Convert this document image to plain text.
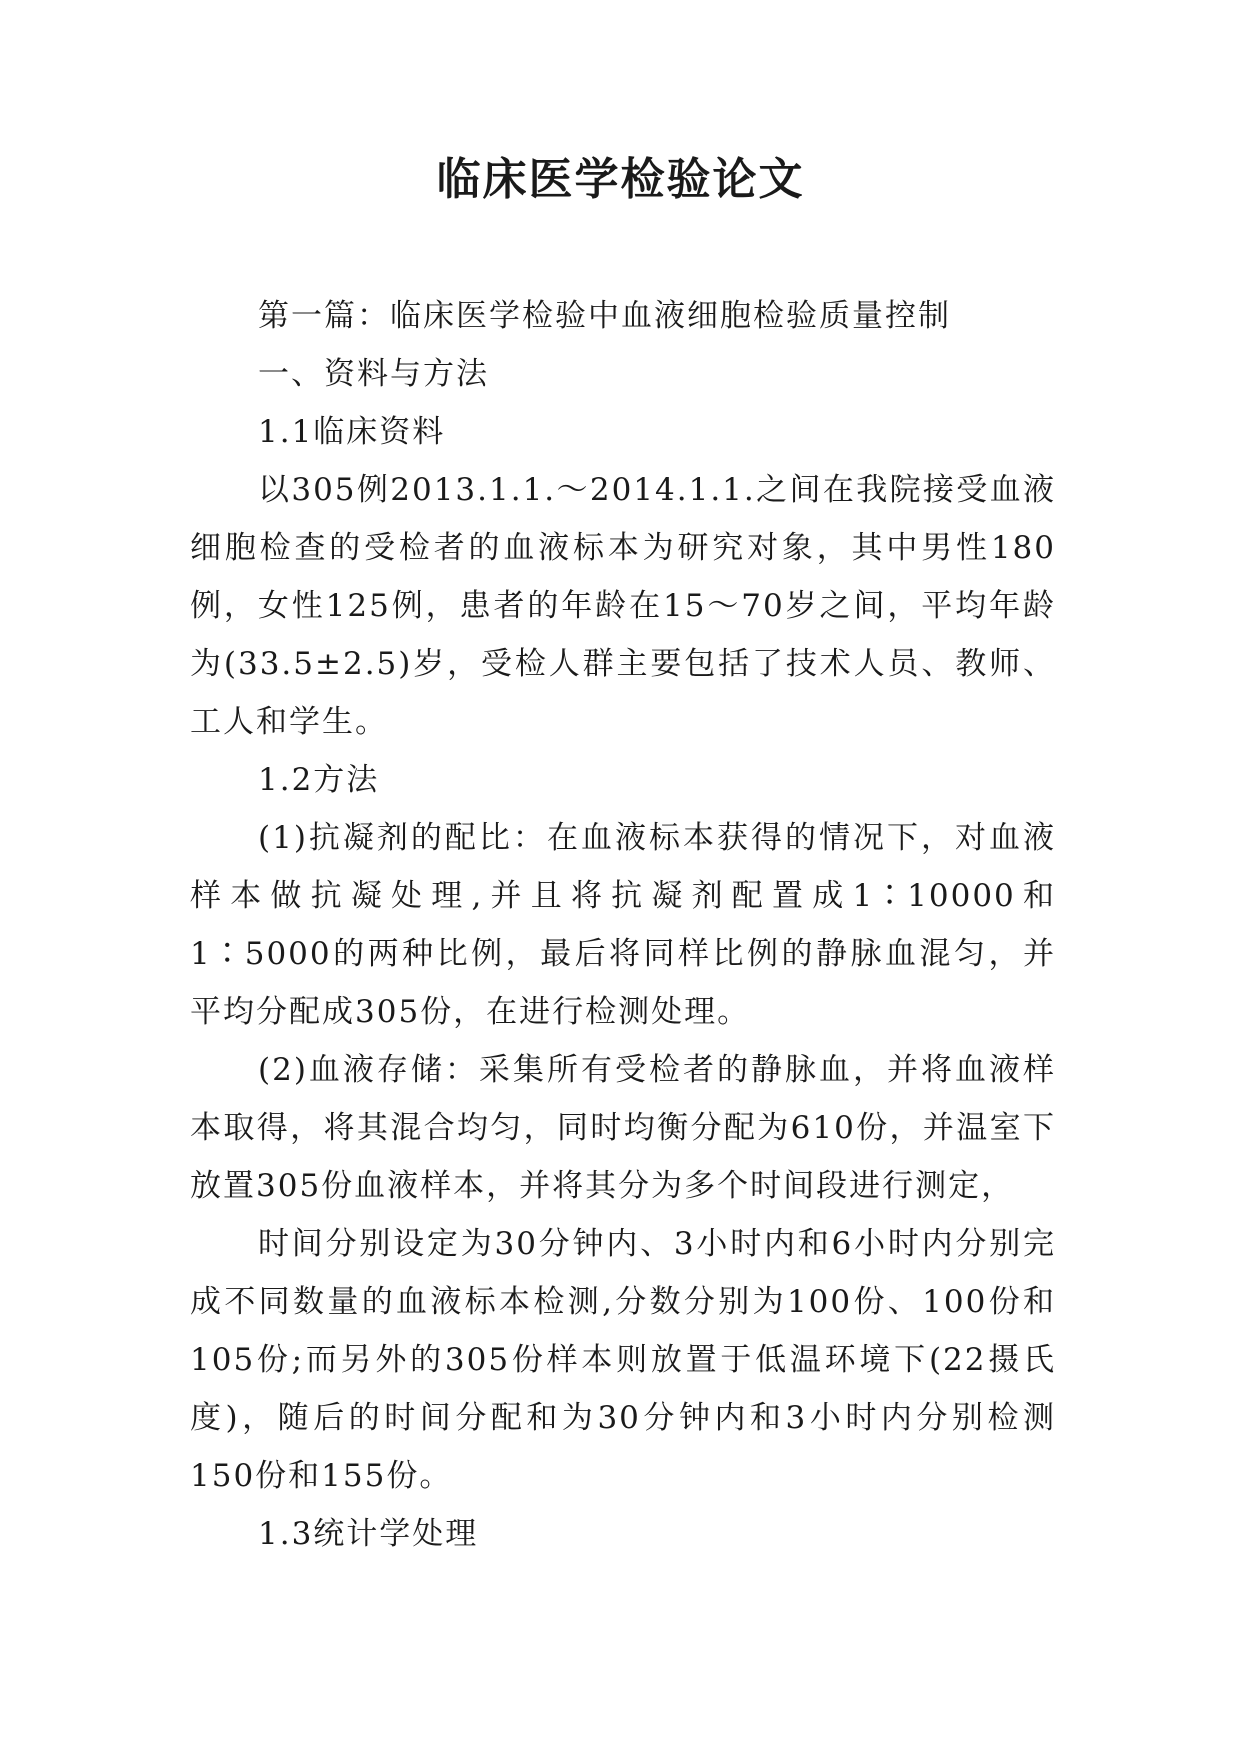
临床医学检验论文

第一篇：临床医学检验中血液细胞检验质量控制

一、资料与方法

1.1临床资料

以305例2013.1.1.～2014.1.1.之间在我院接受血液细胞检查的受检者的血液标本为研究对象，其中男性180例，女性125例，患者的年龄在15～70岁之间，平均年龄为(33.5±2.5)岁，受检人群主要包括了技术人员、教师、工人和学生。

1.2方法

(1)抗凝剂的配比：在血液标本获得的情况下，对血液样本做抗凝处理,并且将抗凝剂配置成1∶10000和1∶5000的两种比例，最后将同样比例的静脉血混匀，并平均分配成305份，在进行检测处理。

(2)血液存储：采集所有受检者的静脉血，并将血液样本取得，将其混合均匀，同时均衡分配为610份，并温室下放置305份血液样本，并将其分为多个时间段进行测定，

时间分别设定为30分钟内、3小时内和6小时内分别完成不同数量的血液标本检测,分数分别为100份、100份和105份;而另外的305份样本则放置于低温环境下(22摄氏度)，随后的时间分配和为30分钟内和3小时内分别检测150份和155份。

1.3统计学处理
